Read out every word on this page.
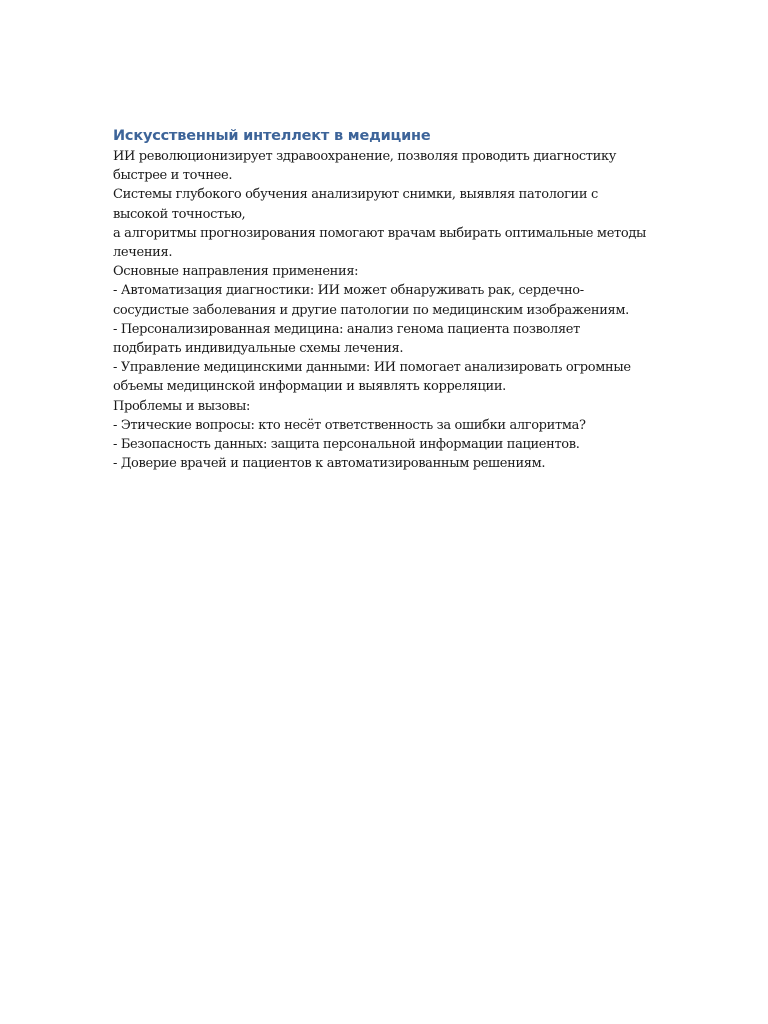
Искусственный интеллект в медицине

ИИ революционизирует здравоохранение, позволяя проводить диагностику быстрее и точнее.

Системы глубокого обучения анализируют снимки, выявляя патологии с высокой точностью,

а алгоритмы прогнозирования помогают врачам выбирать оптимальные методы лечения.

Основные направления применения:

- Автоматизация диагностики: ИИ может обнаруживать рак, сердечно-сосудистые заболевания и другие патологии по медицинским изображениям.

- Персонализированная медицина: анализ генома пациента позволяет подбирать индивидуальные схемы лечения.

- Управление медицинскими данными: ИИ помогает анализировать огромные объемы медицинской информации и выявлять корреляции.

Проблемы и вызовы:

- Этические вопросы: кто несёт ответственность за ошибки алгоритма?

- Безопасность данных: защита персональной информации пациентов.

- Доверие врачей и пациентов к автоматизированным решениям.
